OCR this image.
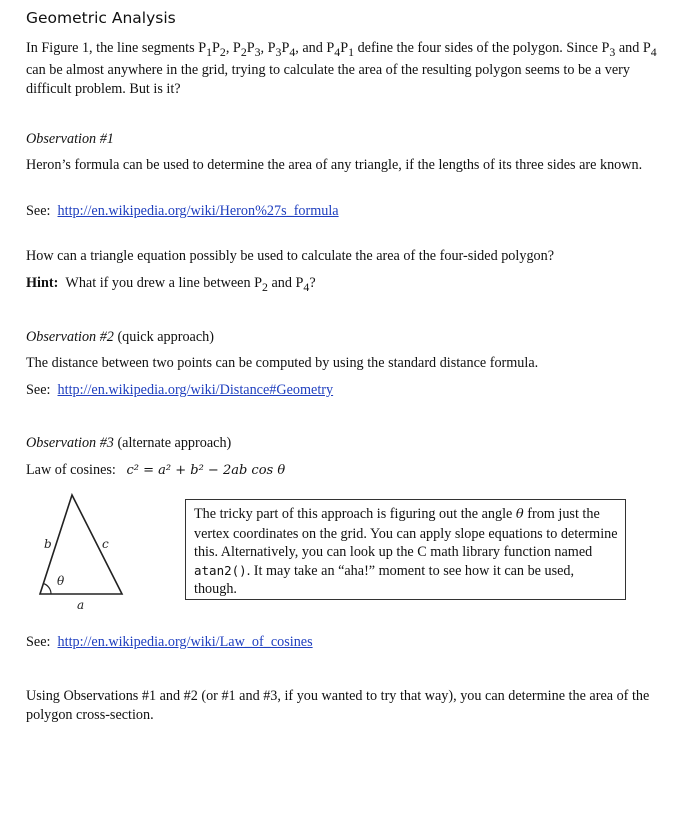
Geometric Analysis
In Figure 1, the line segments $P_1P_2$, $P_2P_3$, $P_3P_4$, and $P_4P_1$ define the four sides of the polygon. Since $P_3$ and $P_4$ can be almost anywhere in the grid, trying to calculate the area of the resulting polygon seems to be a very difficult problem. But is it?
Observation #1
Heron’s formula can be used to determine the area of any triangle, if the lengths of its three sides are known.
See: http://en.wikipedia.org/wiki/Heron%27s_formula
How can a triangle equation possibly be used to calculate the area of the four-sided polygon?
Hint: What if you drew a line between $P_2$ and $P_4$?
Observation #2 (quick approach)
The distance between two points can be computed by using the standard distance formula.
See: http://en.wikipedia.org/wiki/Distance#Geometry
Observation #3 (alternate approach)
Law of cosines: c² = a² + b² − 2ab cos θ
b	c
θ
a
The tricky part of this approach is figuring out the angle θ from just the vertex coordinates on the grid. You can apply slope equations to determine this. Alternatively, you can look up the C math library function named atan2(). It may take an “aha!” moment to see how it can be used, though.
See: http://en.wikipedia.org/wiki/Law_of_cosines
Using Observations #1 and #2 (or #1 and #3, if you wanted to try that way), you can determine the area of the polygon cross-section.
